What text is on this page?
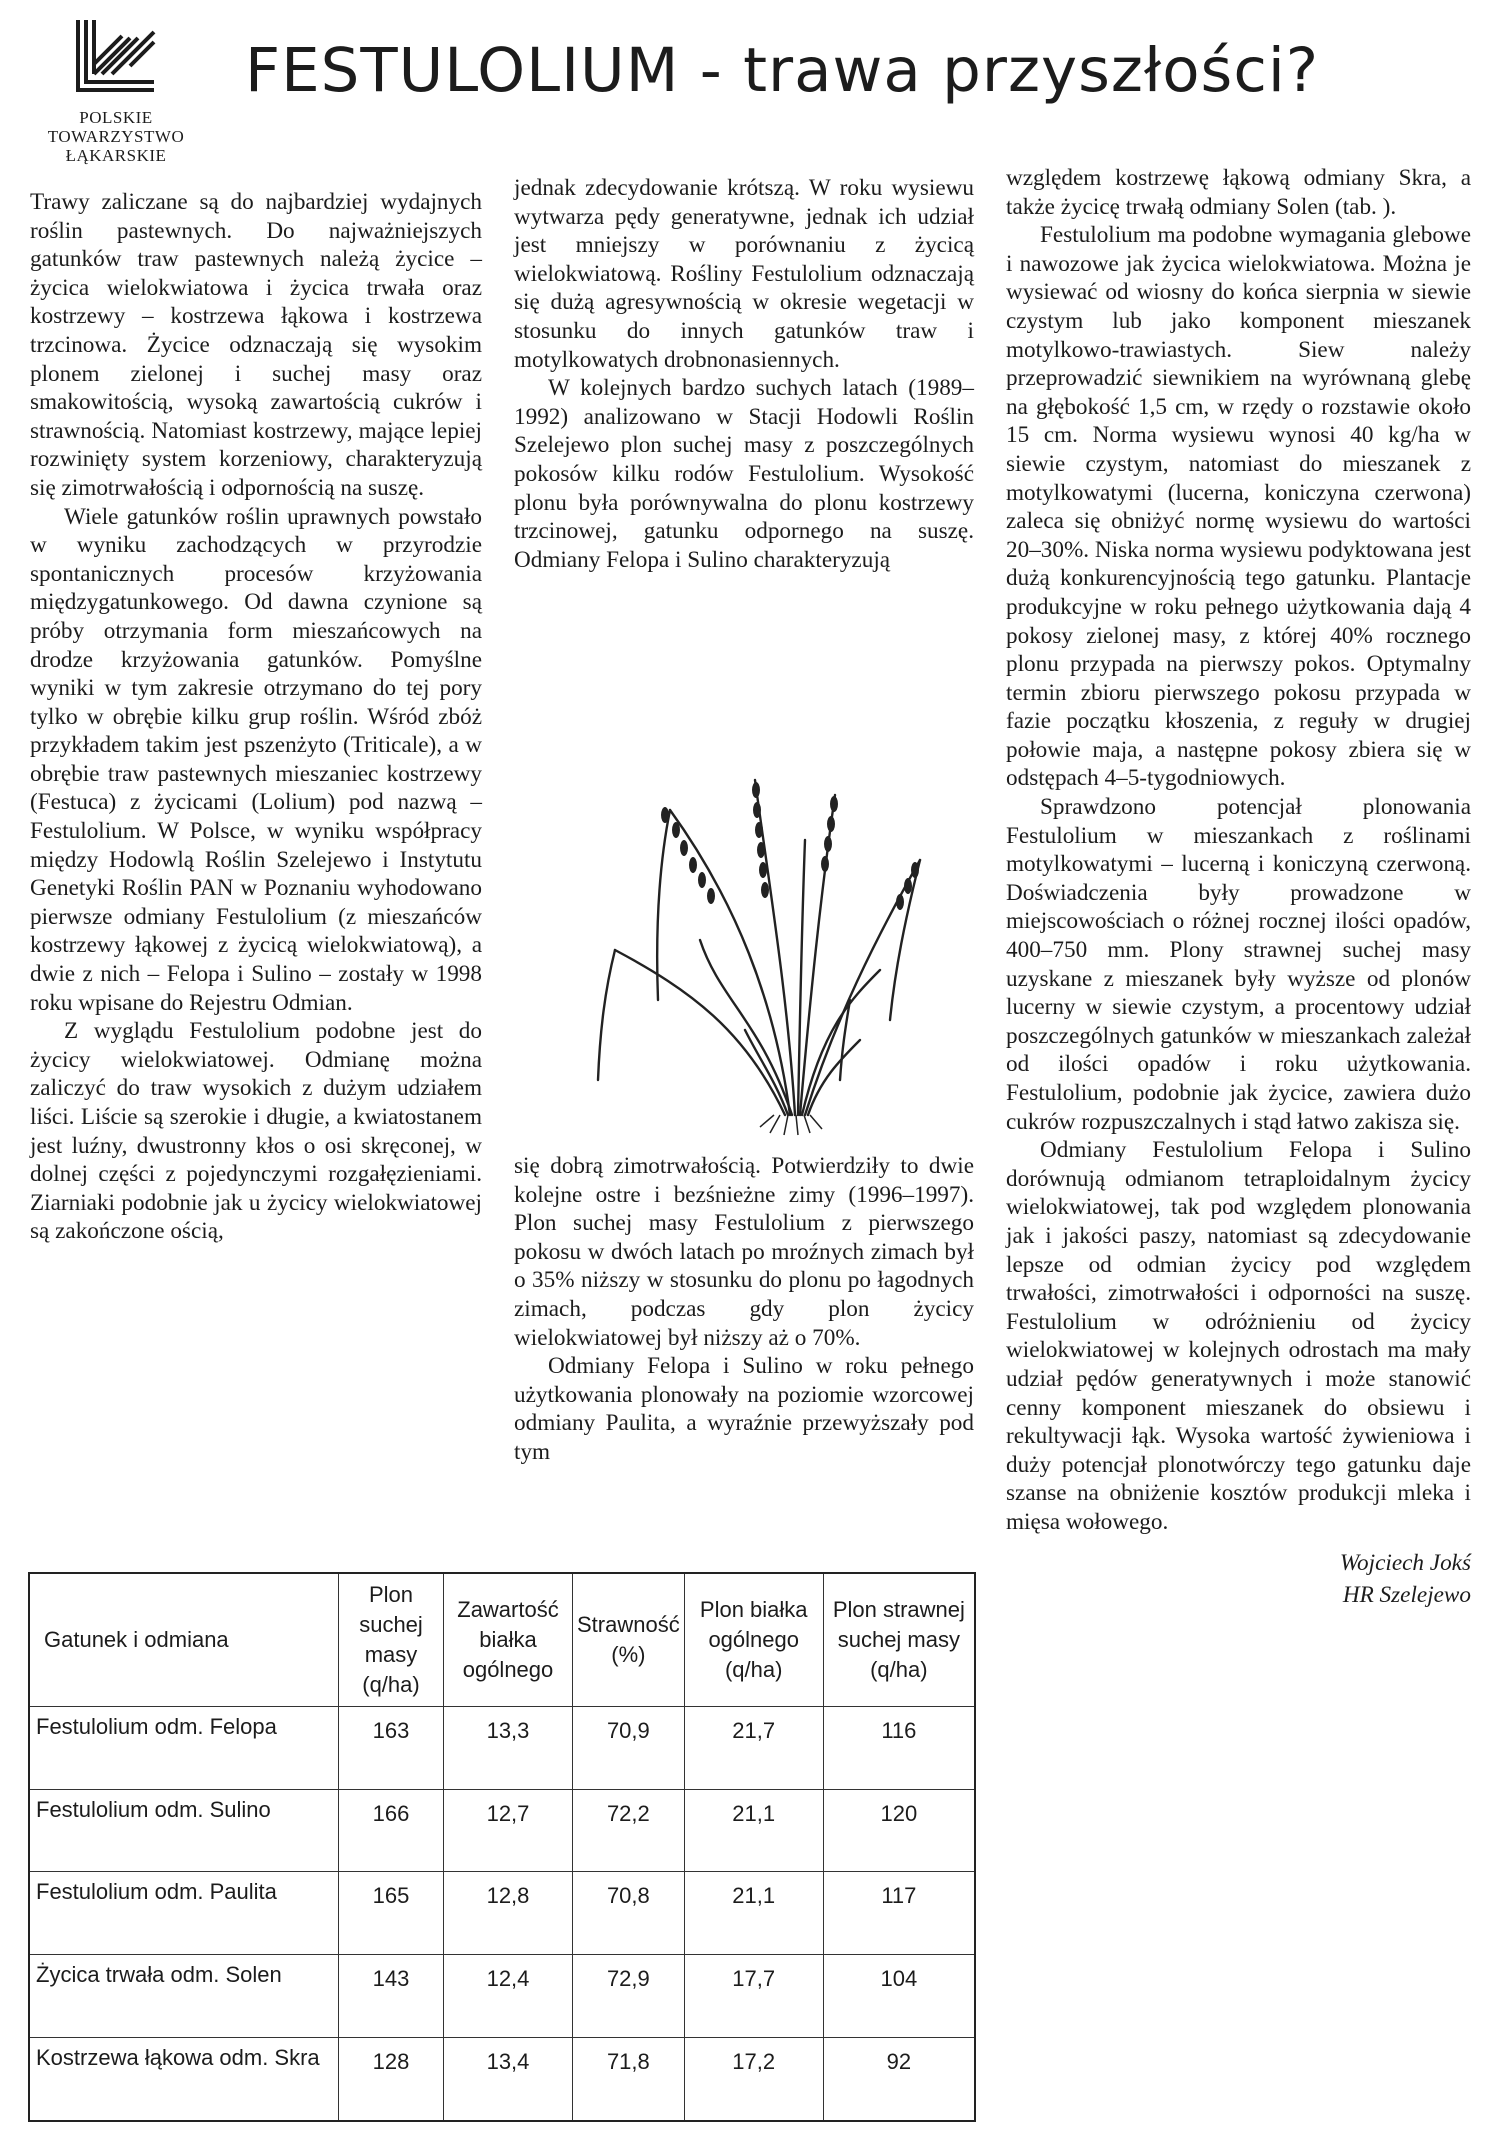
POLSKIE
TOWARZYSTWO
ŁĄKARSKIE
FESTULOLIUM - trawa przyszłości?

Trawy zaliczane są do najbardziej wydajnych roślin pastewnych. Do najważniejszych gatunków traw pastewnych należą życice – życica wielokwiatowa i życica trwała oraz kostrzewy – kostrzewa łąkowa i kostrzewa trzcinowa. Życice odznaczają się wysokim plonem zielonej i suchej masy oraz smakowitością, wysoką zawartością cukrów i strawnością. Natomiast kostrzewy, mające lepiej rozwinięty system korzeniowy, charakteryzują się zimotrwałością i odpornością na suszę.

Wiele gatunków roślin uprawnych powstało w wyniku zachodzących w przyrodzie spontanicznych procesów krzyżowania międzygatunkowego. Od dawna czynione są próby otrzymania form mieszańcowych na drodze krzyżowania gatunków. Pomyślne wyniki w tym zakresie otrzymano do tej pory tylko w obrębie kilku grup roślin. Wśród zbóż przykładem takim jest pszenżyto (Triticale), a w obrębie traw pastewnych mieszaniec kostrzewy (Festuca) z życicami (Lolium) pod nazwą – Festulolium. W Polsce, w wyniku współpracy między Hodowlą Roślin Szelejewo i Instytutu Genetyki Roślin PAN w Poznaniu wyhodowano pierwsze odmiany Festulolium (z mieszańców kostrzewy łąkowej z życicą wielokwiatową), a dwie z nich – Felopa i Sulino – zostały w 1998 roku wpisane do Rejestru Odmian.

Z wyglądu Festulolium podobne jest do życicy wielokwiatowej. Odmianę można zaliczyć do traw wysokich z dużym udziałem liści. Liście są szerokie i długie, a kwiatostanem jest luźny, dwustronny kłos o osi skręconej, w dolnej części z pojedynczymi rozgałęzieniami. Ziarniaki podobnie jak u życicy wielokwiatowej są zakończone ością,

jednak zdecydowanie krótszą. W roku wysiewu wytwarza pędy generatywne, jednak ich udział jest mniejszy w porównaniu z życicą wielokwiatową. Rośliny Festulolium odznaczają się dużą agresywnością w okresie wegetacji w stosunku do innych gatunków traw i motylkowatych drobnonasiennych.

W kolejnych bardzo suchych latach (1989–1992) analizowano w Stacji Hodowli Roślin Szelejewo plon suchej masy z poszczególnych pokosów kilku rodów Festulolium. Wysokość plonu była porównywalna do plonu kostrzewy trzcinowej, gatunku odpornego na suszę. Odmiany Felopa i Sulino charakteryzują

się dobrą zimotrwałością. Potwierdziły to dwie kolejne ostre i bezśnieżne zimy (1996–1997). Plon suchej masy Festulolium z pierwszego pokosu w dwóch latach po mroźnych zimach był o 35% niższy w stosunku do plonu po łagodnych zimach, podczas gdy plon życicy wielokwiatowej był niższy aż o 70%.

Odmiany Felopa i Sulino w roku pełnego użytkowania plonowały na poziomie wzorcowej odmiany Paulita, a wyraźnie przewyższały pod tym

względem kostrzewę łąkową odmiany Skra, a także życicę trwałą odmiany Solen (tab. ).

Festulolium ma podobne wymagania glebowe i nawozowe jak życica wielokwiatowa. Można je wysiewać od wiosny do końca sierpnia w siewie czystym lub jako komponent mieszanek motylkowo-trawiastych. Siew należy przeprowadzić siewnikiem na wyrównaną glebę na głębokość 1,5 cm, w rzędy o rozstawie około 15 cm. Norma wysiewu wynosi 40 kg/ha w siewie czystym, natomiast do mieszanek z motylkowatymi (lucerna, koniczyna czerwona) zaleca się obniżyć normę wysiewu do wartości 20–30%. Niska norma wysiewu podyktowana jest dużą konkurencyjnością tego gatunku. Plantacje produkcyjne w roku pełnego użytkowania dają 4 pokosy zielonej masy, z której 40% rocznego plonu przypada na pierwszy pokos. Optymalny termin zbioru pierwszego pokosu przypada w fazie początku kłoszenia, z reguły w drugiej połowie maja, a następne pokosy zbiera się w odstępach 4–5-tygodniowych.

Sprawdzono potencjał plonowania Festulolium w mieszankach z roślinami motylkowatymi – lucerną i koniczyną czerwoną. Doświadczenia były prowadzone w miejscowościach o różnej rocznej ilości opadów, 400–750 mm. Plony strawnej suchej masy uzyskane z mieszanek były wyższe od plonów lucerny w siewie czystym, a procentowy udział poszczególnych gatunków w mieszankach zależał od ilości opadów i roku użytkowania. Festulolium, podobnie jak życice, zawiera dużo cukrów rozpuszczalnych i stąd łatwo zakisza się.

Odmiany Festulolium Felopa i Sulino dorównują odmianom tetraploidalnym życicy wielokwiatowej, tak pod względem plonowania jak i jakości paszy, natomiast są zdecydowanie lepsze od odmian życicy pod względem trwałości, zimotrwałości i odporności na suszę. Festulolium w odróżnieniu od życicy wielokwiatowej w kolejnych odrostach ma mały udział pędów generatywnych i może stanowić cenny komponent mieszanek do obsiewu i rekultywacji łąk. Wysoka wartość żywieniowa i duży potencjał plonotwórczy tego gatunku daje szanse na obniżenie kosztów produkcji mleka i mięsa wołowego.

Wojciech Jokś
HR Szelejewo
Gatunek i odmiana	Plon suchej masy (q/ha)	Zawartość białka ogólnego	Strawność (%)	Plon białka ogólnego (q/ha)	Plon strawnej suchej masy (q/ha)
Festulolium odm. Felopa	163	13,3	70,9	21,7	116
Festulolium odm. Sulino	166	12,7	72,2	21,1	120
Festulolium odm. Paulita	165	12,8	70,8	21,1	117
Życica trwała odm. Solen	143	12,4	72,9	17,7	104
Kostrzewa łąkowa odm. Skra	128	13,4	71,8	17,2	92
